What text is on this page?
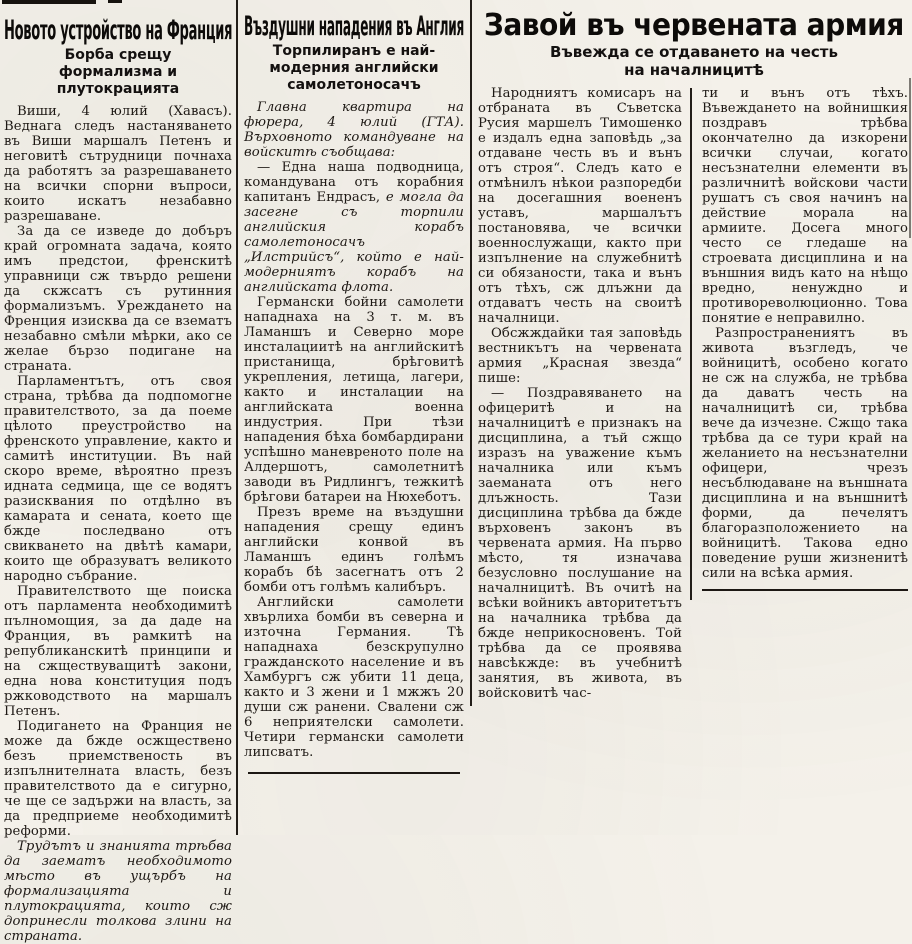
Новото устройство на Франция
Борба срещу формализма и плутокрацията

Виши, 4 юлий (Хавасъ). Веднага следъ настаняването въ Виши маршалъ Петенъ и неговитѣ сътрудници почнаха да работятъ за разрешаването на всички спорни въпроси, които искатъ незабавно разрешаване.

За да се изведе до добъръ край огромната задача, която имъ предстои, френскитѣ управници сж твърдо решени да скжсатъ съ рутинния формализъмъ. Уреждането на Френция изисква да се взематъ незабавно смѣли мѣрки, ако се желае бързо подигане на страната.

Парламентътъ, отъ своя страна, трѣбва да подпомогне правителството, за да поеме цѣлото преустройство на френското управление, както и самитѣ институции. Въ най скоро време, вѣроятно презъ идната седмица, ще се водятъ разисквания по отдѣлно въ камарата и сената, което ще бжде последвано отъ свикването на двѣтѣ камари, които ще образуватъ великото народно събрание.

Правителството ще поиска отъ парламента необходимитѣ пълномощия, за да даде на Франция, въ рамкитѣ на републиканскитѣ принципи и на сжществуващитѣ закони, една нова конституция подъ ржководството на маршалъ Петенъ.

Подигането на Франция не може да бжде осжществено безъ приемственость въ изпълнителната власть, безъ правителството да е сигурно, че ще се задържи на власть, за да предприеме необходимитѣ реформи.

Трудътъ и знанията трѣбва да заематъ необходимото мѣсто въ ущърбъ на формализацията и плутокрацията, които сж допринесли толкова злини на страната.

Въздушни нападения въ Англия
Торпилиранъ е най-модерния английски самолетоносачъ

Главна квартира на фюрера, 4 юлий (ГТА). Върховното командуване на войскитѣ съобщава:

— Една наша подводница, командувана отъ корабния капитанъ Ендрасъ, е могла да засегне съ торпили английския корабъ самолетоносачъ „Илстрийсъ“, който е най-модерниятъ корабъ на английската флота.

Германски бойни самолети нападнаха на 3 т. м. въ Ламаншъ и Северно море инсталациитѣ на английскитѣ пристанища, брѣговитѣ укрепления, летища, лагери, както и инсталации на английската военна индустрия. При тѣзи нападения бѣха бомбардирани успѣшно маневреното поле на Алдершотъ, самолетнитѣ заводи въ Ридлингъ, тежкитѣ брѣгови батареи на Нюхеботъ.

Презъ време на въздушни нападения срещу единъ английски конвой въ Ламаншъ единъ голѣмъ корабъ бѣ засегнатъ отъ 2 бомби отъ голѣмъ калибъръ.

Английски самолети хвърлиха бомби въ северна и източна Германия. Тѣ нападнаха безскрупулно гражданското население и въ Хамбургъ сж убити 11 деца, както и 3 жени и 1 мжжъ 20 души сж ранени. Свалени сж 6 неприятелски самолети. Четири германски самолети липсватъ.

Завой въ червената армия
Въвежда се отдаването на честь на началницитѣ

Народниятъ комисаръ на отбраната въ Съветска Русия маршелъ Тимошенко е издалъ една заповѣдь „за отдаване честь въ и вънъ отъ строя“. Следъ като е отмѣнилъ нѣкои разпоредби на досегашния воененъ уставъ, маршалътъ постановява, че всички военнослужащи, както при изпълнение на служебнитѣ си обязаности, така и вънъ отъ тѣхъ, сж длъжни да отдаватъ честь на своитѣ началници.

Обсжждайки тая заповѣдь вестникътъ на червената армия „Красная звезда“ пише:

— Поздравяването на офицеритѣ и на началницитѣ е признакъ на дисциплина, а тъй сжщо изразъ на уважение къмъ началника или къмъ заеманата отъ него длъжность. Тази дисциплина трѣбва да бжде върховенъ законъ въ червената армия. На първо мѣсто, тя изначава безусловно послушание на началницитѣ. Въ очитѣ на всѣки войникъ авторитетътъ на началника трѣбва да бжде неприкосновенъ. Той трѣбва да се проявява навсѣкжде: въ учебнитѣ занятия, въ живота, въ войсковитѣ час-

ти и вънъ отъ тѣхъ. Въвеждането на войнишкия поздравъ трѣбва окончателно да изкорени всички случаи, когато несъзнателни елементи въ различнитѣ войскови части рушатъ съ своя начинъ на действие морала на армиите. Досега много често се гледаше на строевата дисциплина и на външния видъ като на нѣщо вредно, ненуждно и противореволюционно. Това понятие е неправилно.

Разпространениятъ въ живота възгледъ, че войницитѣ, особено когато не сж на служба, не трѣбва да даватъ честь на началницитѣ си, трѣбва вече да изчезне. Сжщо така трѣбва да се тури край на желанието на несъзнателни офицери, чрезъ несъблюдаване на външната дисциплина и на външнитѣ форми, да печелятъ благоразположението на войницитѣ. Такова едно поведение руши жизненитѣ сили на всѣка армия.
